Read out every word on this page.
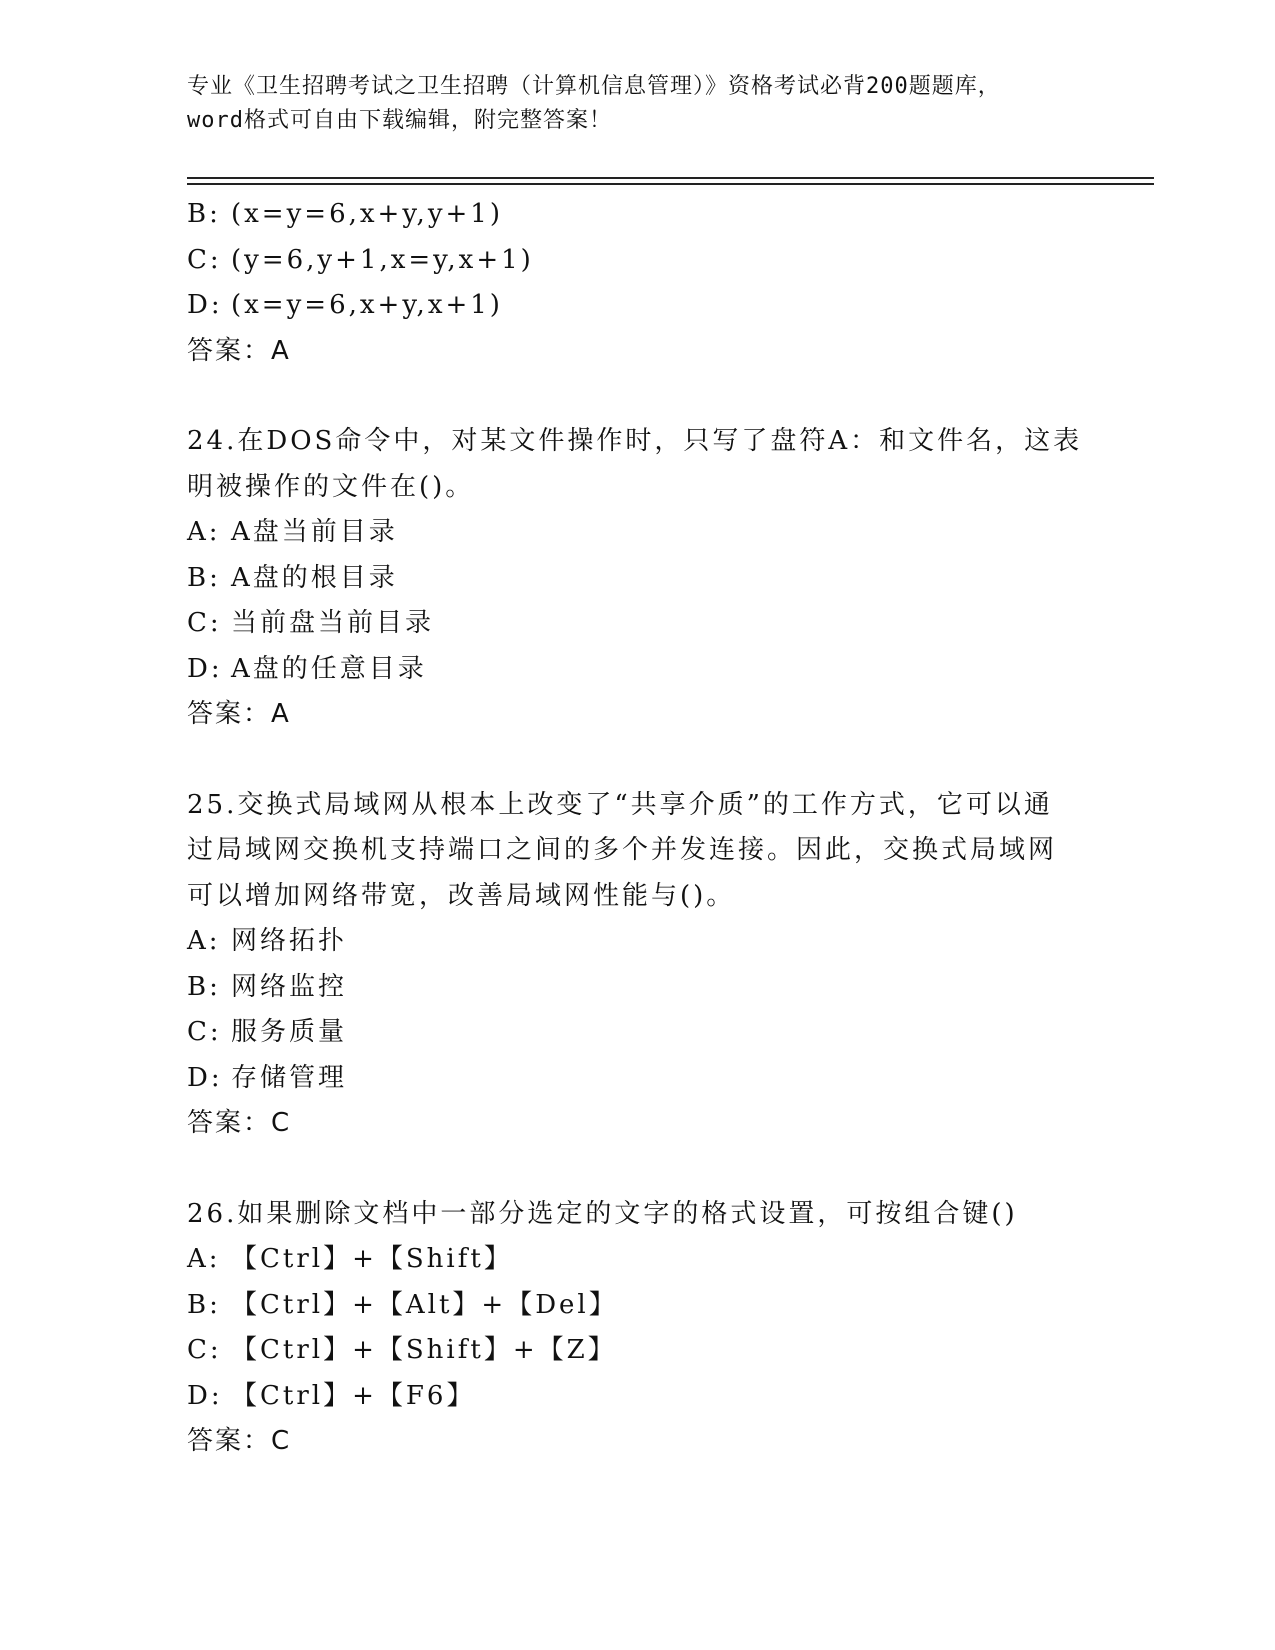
专业《卫生招聘考试之卫生招聘（计算机信息管理）》资格考试必背200题题库，
word格式可自由下载编辑，附完整答案！
B: (x=y=6,x+y,y+1)
C: (y=6,y+1,x=y,x+1)
D: (x=y=6,x+y,x+1)
答案：A
24.在DOS命令中，对某文件操作时，只写了盘符A：和文件名，这表
明被操作的文件在()。
A: A盘当前目录
B: A盘的根目录
C: 当前盘当前目录
D: A盘的任意目录
答案：A
25.交换式局域网从根本上改变了“共享介质”的工作方式，它可以通
过局域网交换机支持端口之间的多个并发连接。因此，交换式局域网
可以增加网络带宽，改善局域网性能与()。
A: 网络拓扑
B: 网络监控
C: 服务质量
D: 存储管理
答案：C
26.如果删除文档中一部分选定的文字的格式设置，可按组合键()
A: 【Ctrl】+【Shift】
B: 【Ctrl】+【Alt】+【Del】
C: 【Ctrl】+【Shift】+【Z】
D: 【Ctrl】+【F6】
答案：C
